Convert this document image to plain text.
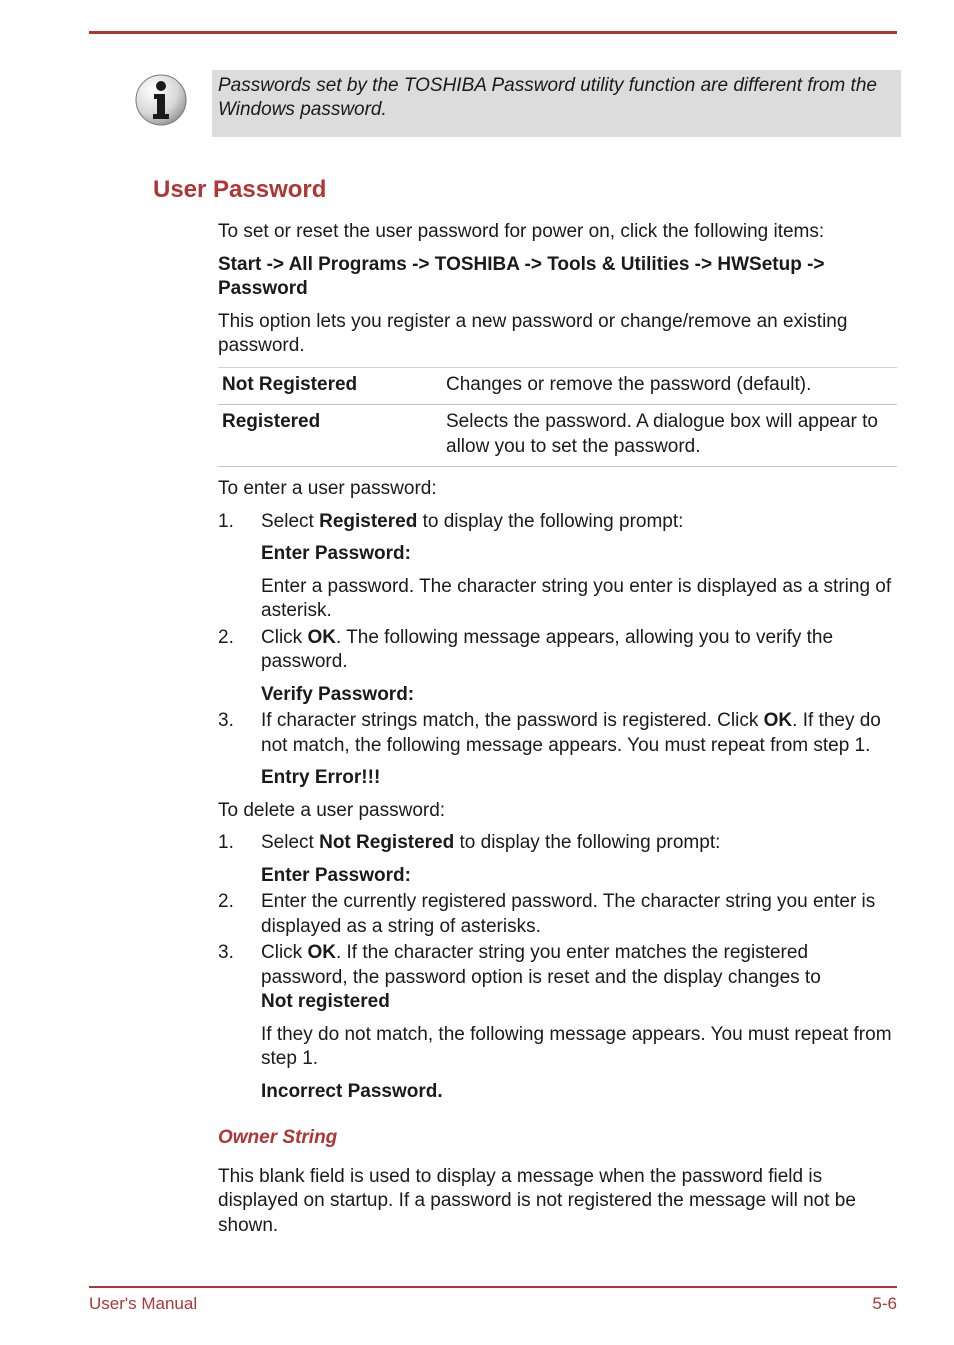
Passwords set by the TOSHIBA Password utility function are different from the Windows password.
User Password

To set or reset the user password for power on, click the following items:

Start -> All Programs -> TOSHIBA -> Tools & Utilities -> HWSetup -> Password

This option lets you register a new password or change/remove an existing password.

Not Registered	Changes or remove the password (default).
Registered	Selects the password. A dialogue box will appear to allow you to set the password.

To enter a user password:

1. Select Registered to display the following prompt:

Enter Password:

Enter a password. The character string you enter is displayed as a string of asterisk.

2. Click OK. The following message appears, allowing you to verify the password.

Verify Password:

3. If character strings match, the password is registered. Click OK. If they do not match, the following message appears. You must repeat from step 1.

Entry Error!!!

To delete a user password:

1. Select Not Registered to display the following prompt:

Enter Password:

2. Enter the currently registered password. The character string you enter is displayed as a string of asterisks.
3. Click OK. If the character string you enter matches the registered password, the password option is reset and the display changes to
Not registered

If they do not match, the following message appears. You must repeat from step 1.

Incorrect Password.

Owner String

This blank field is used to display a message when the password field is displayed on startup. If a password is not registered the message will not be shown.

User's Manual	5-6
